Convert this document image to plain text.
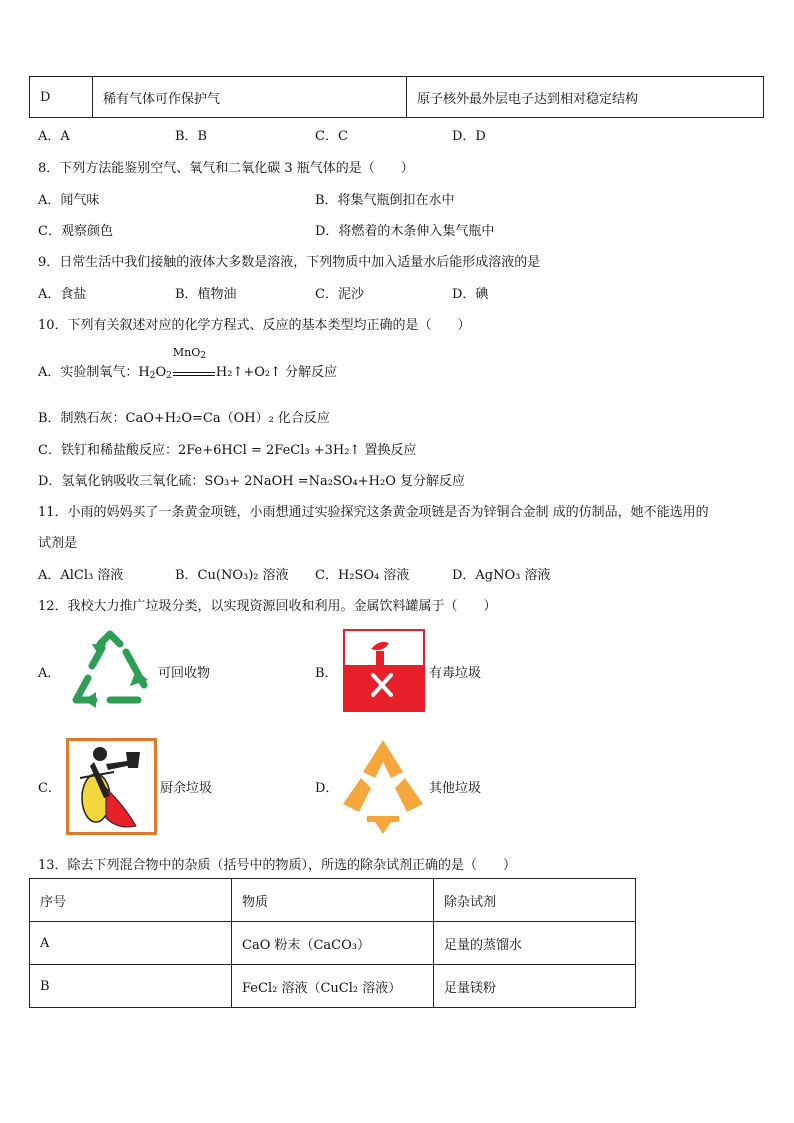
D	稀有气体可作保护气	原子核外最外层电子达到相对稳定结构
A．A	B．B	C．C	D．D
8．下列方法能鉴别空气、氧气和二氧化碳 3 瓶气体的是（　　）
A．闻气味	B．将集气瓶倒扣在水中
C．观察颜色	D．将燃着的木条伸入集气瓶中
9．日常生活中我们接触的液体大多数是溶液，下列物质中加入适量水后能形成溶液的是
A．食盐	B．植物油	C．泥沙	D．碘
10．下列有关叙述对应的化学方程式、反应的基本类型均正确的是（　　）
A．实验制氧气：$H_2O_2$
MnO$_2$
H₂↑+O₂↑ 分解反应
B．制熟石灰：CaO+H₂O=Ca（OH）₂ 化合反应
C．铁钉和稀盐酸反应：2Fe+6HCl = 2FeCl₃ +3H₂↑ 置换反应
D．氢氧化钠吸收三氧化硫：SO₃+ 2NaOH =Na₂SO₄+H₂O 复分解反应
11．小雨的妈妈买了一条黄金项链，小雨想通过实验探究这条黄金项链是否为锌铜合金制 成的仿制品，她不能选用的
试剂是
A．AlCl₃ 溶液	B．Cu(NO₃)₂ 溶液 C．H₂SO₄ 溶液	D．AgNO₃ 溶液
12．我校大力推广垃圾分类，以实现资源回收和利用。金属饮料罐属于（　　）
A．	可回收物	B．	有毒垃圾
C．	厨余垃圾	D．	其他垃圾
13．除去下列混合物中的杂质（括号中的物质），所选的除杂试剂正确的是（　　）
序号	物质	除杂试剂
A	CaO 粉末（CaCO₃）	足量的蒸馏水
B	FeCl₂ 溶液（CuCl₂ 溶液）	足量镁粉
